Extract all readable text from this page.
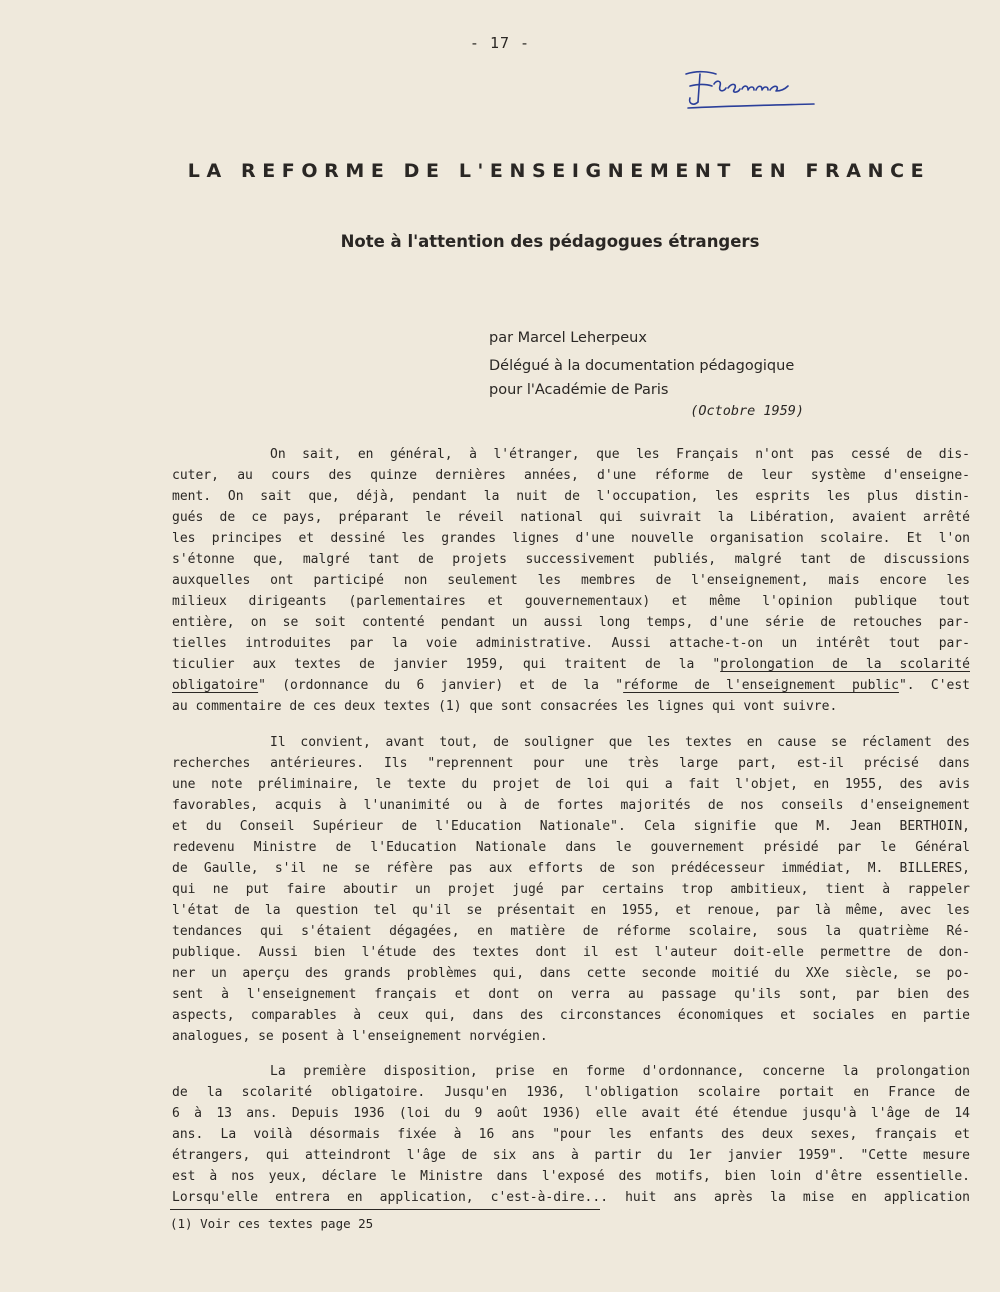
- 17 -
LA REFORME DE L'ENSEIGNEMENT EN FRANCE
Note à l'attention des pédagogues étrangers
par Marcel Leherpeux
Délégué à la documentation pédagogique
pour l'Académie de Paris
(Octobre 1959)
On sait, en général, à l'étranger, que les Français n'ont pas cessé de dis-
cuter, au cours des quinze dernières années, d'une réforme de leur système d'enseigne-
ment. On sait que, déjà, pendant la nuit de l'occupation, les esprits les plus distin-
gués de ce pays, préparant le réveil national qui suivrait la Libération, avaient arrêté
les principes et dessiné les grandes lignes d'une nouvelle organisation scolaire. Et l'on
s'étonne que, malgré tant de projets successivement publiés, malgré tant de discussions
auxquelles ont participé non seulement les membres de l'enseignement, mais encore les
milieux dirigeants (parlementaires et gouvernementaux) et même l'opinion publique tout
entière, on se soit contenté pendant un aussi long temps, d'une série de retouches par-
tielles introduites par la voie administrative. Aussi attache-t-on un intérêt tout par-
ticulier aux textes de janvier 1959, qui traitent de la "prolongation de la scolarité
obligatoire" (ordonnance du 6 janvier) et de la "réforme de l'enseignement public". C'est
au commentaire de ces deux textes (1) que sont consacrées les lignes qui vont suivre.
Il convient, avant tout, de souligner que les textes en cause se réclament des
recherches antérieures. Ils "reprennent pour une très large part, est-il précisé dans
une note préliminaire, le texte du projet de loi qui a fait l'objet, en 1955, des avis
favorables, acquis à l'unanimité ou à de fortes majorités de nos conseils d'enseignement
et du Conseil Supérieur de l'Education Nationale". Cela signifie que M. Jean BERTHOIN,
redevenu Ministre de l'Education Nationale dans le gouvernement présidé par le Général
de Gaulle, s'il ne se réfère pas aux efforts de son prédécesseur immédiat, M. BILLERES,
qui ne put faire aboutir un projet jugé par certains trop ambitieux, tient à rappeler
l'état de la question tel qu'il se présentait en 1955, et renoue, par là même, avec les
tendances qui s'étaient dégagées, en matière de réforme scolaire, sous la quatrième Ré-
publique. Aussi bien l'étude des textes dont il est l'auteur doit-elle permettre de don-
ner un aperçu des grands problèmes qui, dans cette seconde moitié du XXe siècle, se po-
sent à l'enseignement français et dont on verra au passage qu'ils sont, par bien des
aspects, comparables à ceux qui, dans des circonstances économiques et sociales en partie
analogues, se posent à l'enseignement norvégien.
La première disposition, prise en forme d'ordonnance, concerne la prolongation
de la scolarité obligatoire. Jusqu'en 1936, l'obligation scolaire portait en France de
6 à 13 ans. Depuis 1936 (loi du 9 août 1936) elle avait été étendue jusqu'à l'âge de 14
ans. La voilà désormais fixée à 16 ans "pour les enfants des deux sexes, français et
étrangers, qui atteindront l'âge de six ans à partir du 1er janvier 1959". "Cette mesure
est à nos yeux, déclare le Ministre dans l'exposé des motifs, bien loin d'être essentielle.
Lorsqu'elle entrera en application, c'est-à-dire... huit ans après la mise en application
(1) Voir ces textes page 25
